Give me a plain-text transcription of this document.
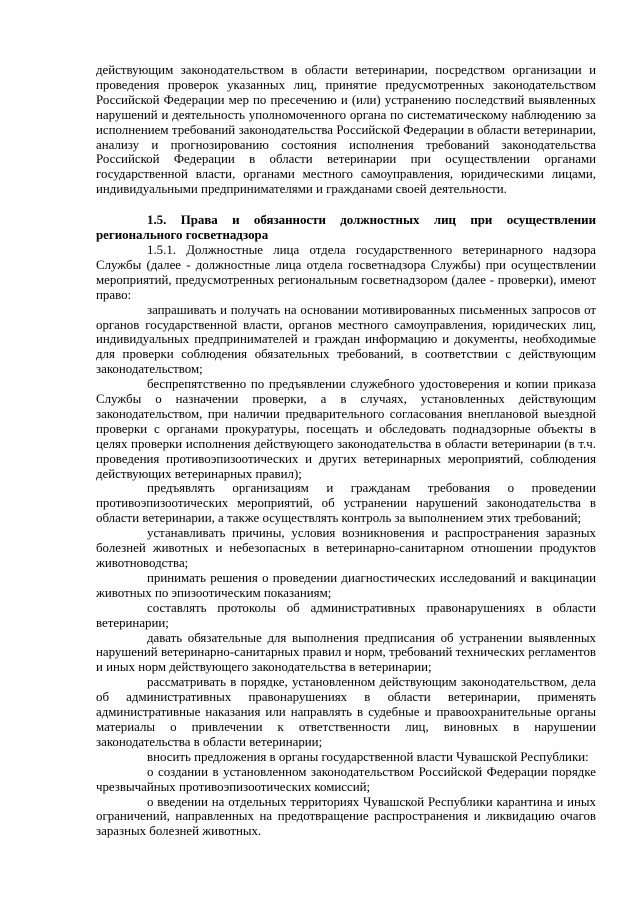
действующим законодательством в области ветеринарии, посредством организации и проведения проверок указанных лиц, принятие предусмотренных законодательством Российской Федерации мер по пресечению и (или) устранению последствий выявленных нарушений и деятельность уполномоченного органа по систематическому наблюдению за исполнением требований законодательства Российской Федерации в области ветеринарии, анализу и прогнозированию состояния исполнения требований законодательства Российской Федерации в области ветеринарии при осуществлении органами государственной власти, органами местного самоуправления, юридическими лицами, индивидуальными предпринимателями и гражданами своей деятельности.

1.5. Права и обязанности должностных лиц при осуществлении регионального госветнадзора

1.5.1. Должностные лица отдела государственного ветеринарного надзора Службы (далее - должностные лица отдела госветнадзора Службы) при осуществлении мероприятий, предусмотренных региональным госветнадзором (далее - проверки), имеют право:

запрашивать и получать на основании мотивированных письменных запросов от органов государственной власти, органов местного самоуправления, юридических лиц, индивидуальных предпринимателей и граждан информацию и документы, необходимые для проверки соблюдения обязательных требований, в соответствии с действующим законодательством;

беспрепятственно по предъявлении служебного удостоверения и копии приказа Службы о назначении проверки, а в случаях, установленных действующим законодательством, при наличии предварительного согласования внеплановой выездной проверки с органами прокуратуры, посещать и обследовать поднадзорные объекты в целях проверки исполнения действующего законодательства в области ветеринарии (в т.ч. проведения противоэпизоотических и других ветеринарных мероприятий, соблюдения действующих ветеринарных правил);

предъявлять организациям и гражданам требования о проведении противоэпизоотических мероприятий, об устранении нарушений законодательства в области ветеринарии, а также осуществлять контроль за выполнением этих требований;

устанавливать причины, условия возникновения и распространения заразных болезней животных и небезопасных в ветеринарно-санитарном отношении продуктов животноводства;

принимать решения о проведении диагностических исследований и вакцинации животных по эпизоотическим показаниям;

составлять протоколы об административных правонарушениях в области ветеринарии;

давать обязательные для выполнения предписания об устранении выявленных нарушений ветеринарно-санитарных правил и норм, требований технических регламентов и иных норм действующего законодательства в ветеринарии;

рассматривать в порядке, установленном действующим законодательством, дела об административных правонарушениях в области ветеринарии, применять административные наказания или направлять в судебные и правоохранительные органы материалы о привлечении к ответственности лиц, виновных в нарушении законодательства в области ветеринарии;

вносить предложения в органы государственной власти Чувашской Республики:

о создании в установленном законодательством Российской Федерации порядке чрезвычайных противоэпизоотических комиссий;

о введении на отдельных территориях Чувашской Республики карантина и иных ограничений, направленных на предотвращение распространения и ликвидацию очагов заразных болезней животных.
